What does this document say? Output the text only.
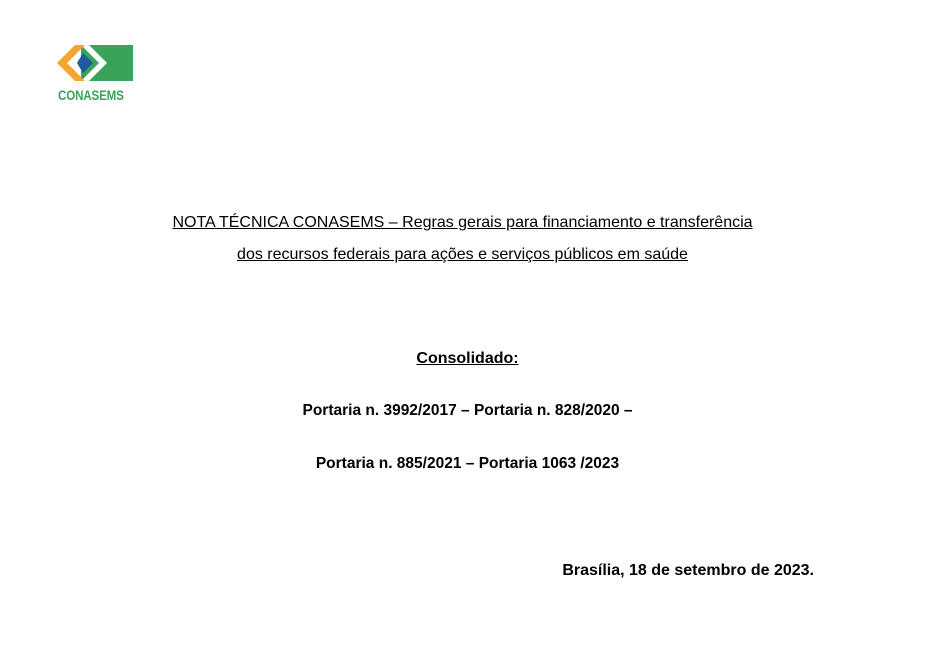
CONASEMS
NOTA TÉCNICA CONASEMS – Regras gerais para financiamento e transferência
dos recursos federais para ações e serviços públicos em saúde
Consolidado:
Portaria n. 3992/2017 – Portaria n. 828/2020 –
Portaria n. 885/2021 – Portaria 1063 /2023
Brasília, 18 de setembro de 2023.
